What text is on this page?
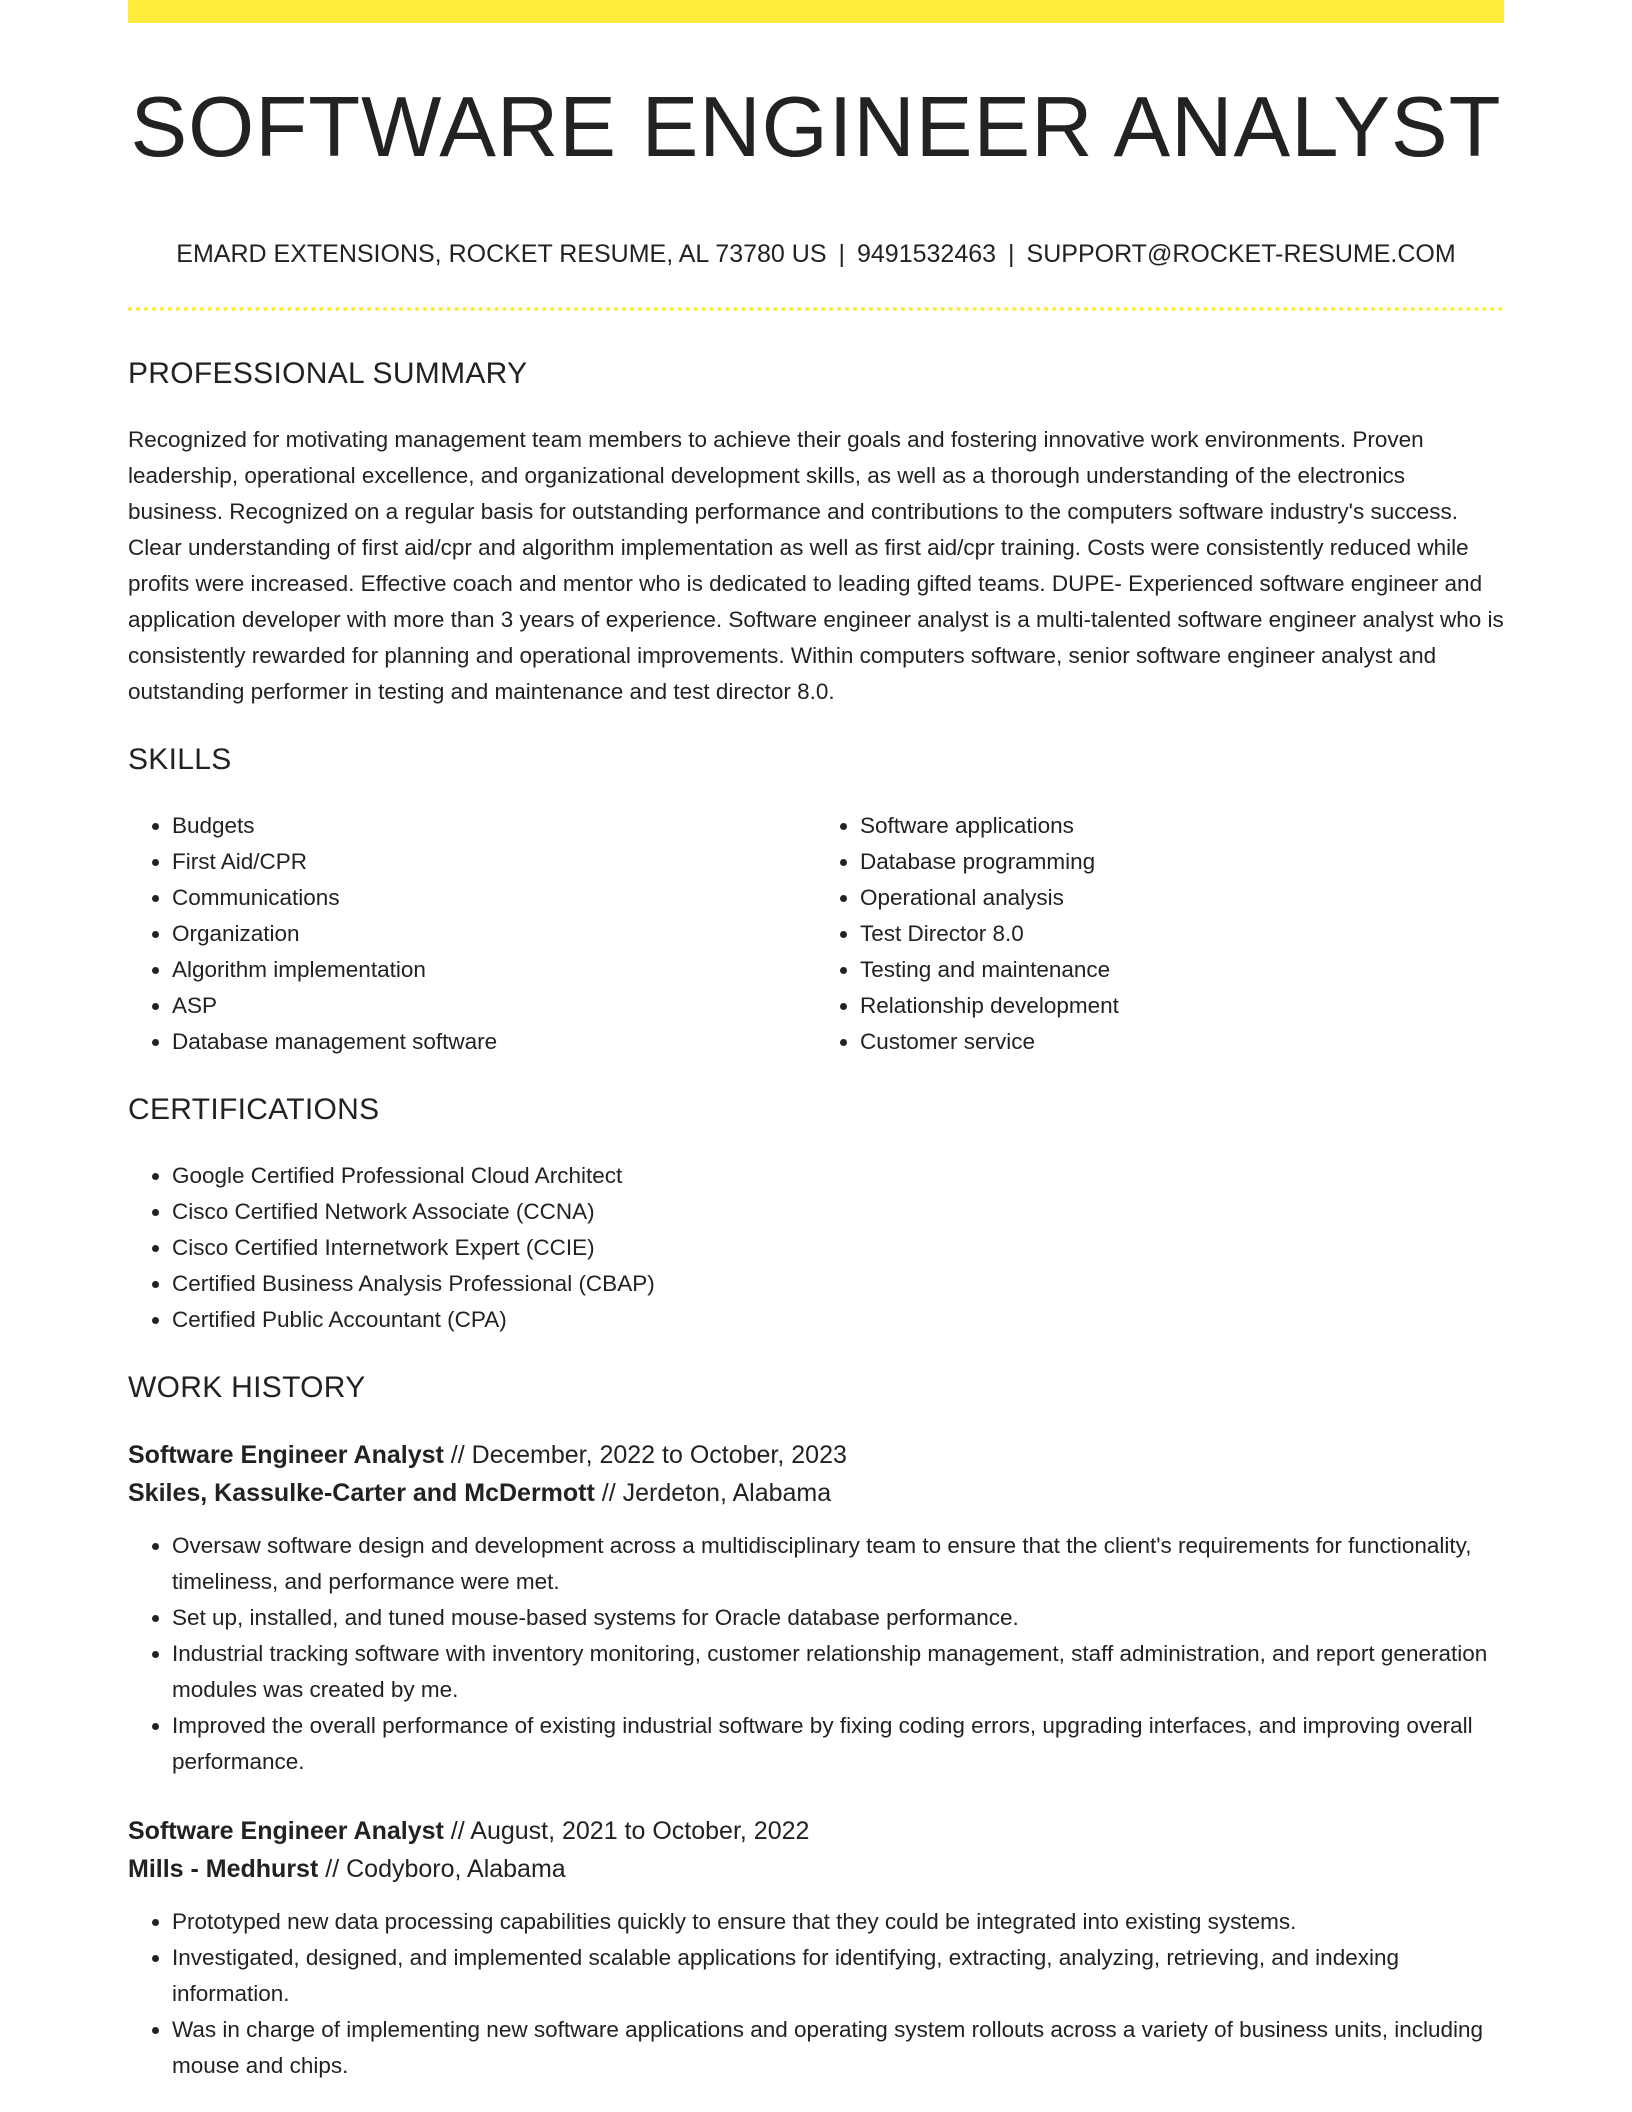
SOFTWARE ENGINEER ANALYST
EMARD EXTENSIONS, ROCKET RESUME, AL 73780 US | 9491532463 | SUPPORT@ROCKET-RESUME.COM
PROFESSIONAL SUMMARY

Recognized for motivating management team members to achieve their goals and fostering innovative work environments. Proven leadership, operational excellence, and organizational development skills, as well as a thorough understanding of the electronics business. Recognized on a regular basis for outstanding performance and contributions to the computers software industry's success. Clear understanding of first aid/cpr and algorithm implementation as well as first aid/cpr training. Costs were consistently reduced while profits were increased. Effective coach and mentor who is dedicated to leading gifted teams. DUPE- Experienced software engineer and application developer with more than 3 years of experience. Software engineer analyst is a multi-talented software engineer analyst who is consistently rewarded for planning and operational improvements. Within computers software, senior software engineer analyst and outstanding performer in testing and maintenance and test director 8.0.

SKILLS
• Budgets
• First Aid/CPR
• Communications
• Organization
• Algorithm implementation
• ASP
• Database management software
• Software applications
• Database programming
• Operational analysis
• Test Director 8.0
• Testing and maintenance
• Relationship development
• Customer service
CERTIFICATIONS
• Google Certified Professional Cloud Architect
• Cisco Certified Network Associate (CCNA)
• Cisco Certified Internetwork Expert (CCIE)
• Certified Business Analysis Professional (CBAP)
• Certified Public Accountant (CPA)
WORK HISTORY
Software Engineer Analyst // December, 2022 to October, 2023
Skiles, Kassulke-Carter and McDermott // Jerdeton, Alabama
• Oversaw software design and development across a multidisciplinary team to ensure that the client's requirements for functionality, timeliness, and performance were met.
• Set up, installed, and tuned mouse-based systems for Oracle database performance.
• Industrial tracking software with inventory monitoring, customer relationship management, staff administration, and report generation modules was created by me.
• Improved the overall performance of existing industrial software by fixing coding errors, upgrading interfaces, and improving overall performance.
Software Engineer Analyst // August, 2021 to October, 2022
Mills - Medhurst // Codyboro, Alabama
• Prototyped new data processing capabilities quickly to ensure that they could be integrated into existing systems.
• Investigated, designed, and implemented scalable applications for identifying, extracting, analyzing, retrieving, and indexing information.
• Was in charge of implementing new software applications and operating system rollouts across a variety of business units, including mouse and chips.
